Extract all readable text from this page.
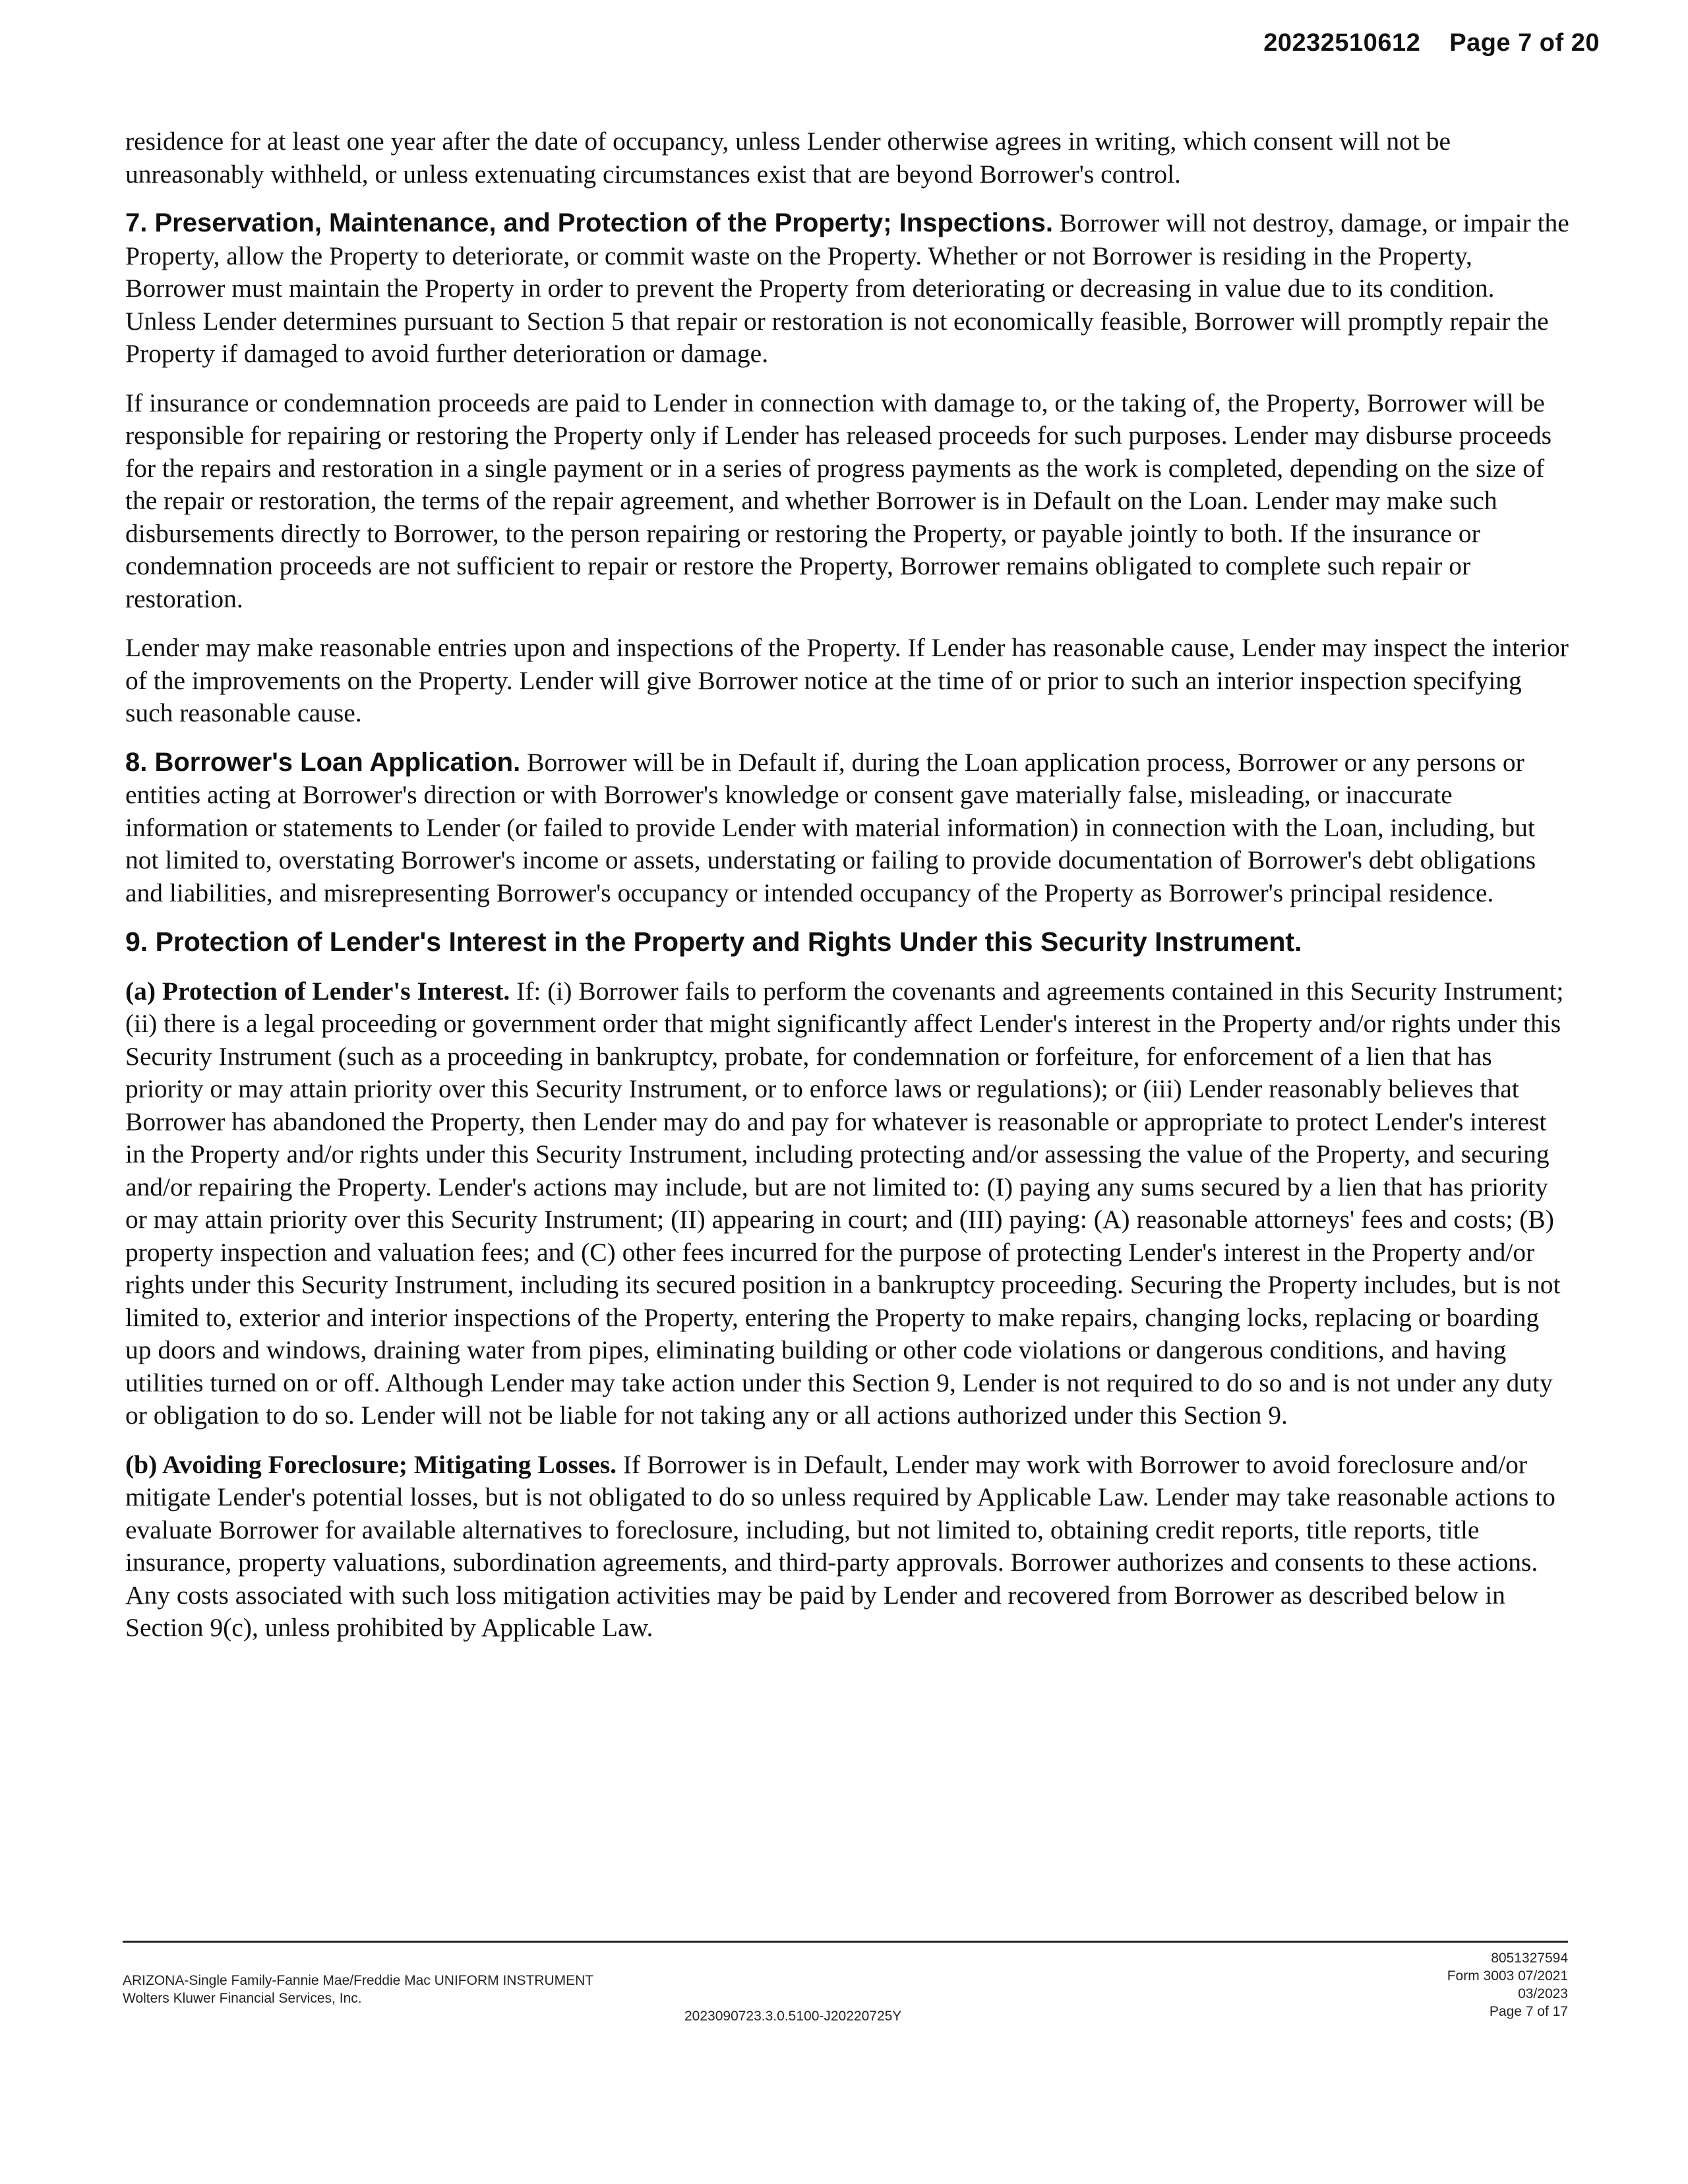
20232510612 Page 7 of 20

residence for at least one year after the date of occupancy, unless Lender otherwise agrees in writing, which consent will not be unreasonably withheld, or unless extenuating circumstances exist that are beyond Borrower's control.

7. Preservation, Maintenance, and Protection of the Property; Inspections. Borrower will not destroy, damage, or impair the Property, allow the Property to deteriorate, or commit waste on the Property. Whether or not Borrower is residing in the Property, Borrower must maintain the Property in order to prevent the Property from deteriorating or decreasing in value due to its condition. Unless Lender determines pursuant to Section 5 that repair or restoration is not economically feasible, Borrower will promptly repair the Property if damaged to avoid further deterioration or damage.

If insurance or condemnation proceeds are paid to Lender in connection with damage to, or the taking of, the Property, Borrower will be responsible for repairing or restoring the Property only if Lender has released proceeds for such purposes. Lender may disburse proceeds for the repairs and restoration in a single payment or in a series of progress payments as the work is completed, depending on the size of the repair or restoration, the terms of the repair agreement, and whether Borrower is in Default on the Loan. Lender may make such disbursements directly to Borrower, to the person repairing or restoring the Property, or payable jointly to both. If the insurance or condemnation proceeds are not sufficient to repair or restore the Property, Borrower remains obligated to complete such repair or restoration.

Lender may make reasonable entries upon and inspections of the Property. If Lender has reasonable cause, Lender may inspect the interior of the improvements on the Property. Lender will give Borrower notice at the time of or prior to such an interior inspection specifying such reasonable cause.

8. Borrower's Loan Application. Borrower will be in Default if, during the Loan application process, Borrower or any persons or entities acting at Borrower's direction or with Borrower's knowledge or consent gave materially false, misleading, or inaccurate information or statements to Lender (or failed to provide Lender with material information) in connection with the Loan, including, but not limited to, overstating Borrower's income or assets, understating or failing to provide documentation of Borrower's debt obligations and liabilities, and misrepresenting Borrower's occupancy or intended occupancy of the Property as Borrower's principal residence.

9. Protection of Lender's Interest in the Property and Rights Under this Security Instrument.

(a) Protection of Lender's Interest. If: (i) Borrower fails to perform the covenants and agreements contained in this Security Instrument; (ii) there is a legal proceeding or government order that might significantly affect Lender's interest in the Property and/or rights under this Security Instrument (such as a proceeding in bankruptcy, probate, for condemnation or forfeiture, for enforcement of a lien that has priority or may attain priority over this Security Instrument, or to enforce laws or regulations); or (iii) Lender reasonably believes that Borrower has abandoned the Property, then Lender may do and pay for whatever is reasonable or appropriate to protect Lender's interest in the Property and/or rights under this Security Instrument, including protecting and/or assessing the value of the Property, and securing and/or repairing the Property. Lender's actions may include, but are not limited to: (I) paying any sums secured by a lien that has priority or may attain priority over this Security Instrument; (II) appearing in court; and (III) paying: (A) reasonable attorneys' fees and costs; (B) property inspection and valuation fees; and (C) other fees incurred for the purpose of protecting Lender's interest in the Property and/or rights under this Security Instrument, including its secured position in a bankruptcy proceeding. Securing the Property includes, but is not limited to, exterior and interior inspections of the Property, entering the Property to make repairs, changing locks, replacing or boarding up doors and windows, draining water from pipes, eliminating building or other code violations or dangerous conditions, and having utilities turned on or off. Although Lender may take action under this Section 9, Lender is not required to do so and is not under any duty or obligation to do so. Lender will not be liable for not taking any or all actions authorized under this Section 9.

(b) Avoiding Foreclosure; Mitigating Losses. If Borrower is in Default, Lender may work with Borrower to avoid foreclosure and/or mitigate Lender's potential losses, but is not obligated to do so unless required by Applicable Law. Lender may take reasonable actions to evaluate Borrower for available alternatives to foreclosure, including, but not limited to, obtaining credit reports, title reports, title insurance, property valuations, subordination agreements, and third-party approvals. Borrower authorizes and consents to these actions. Any costs associated with such loss mitigation activities may be paid by Lender and recovered from Borrower as described below in Section 9(c), unless prohibited by Applicable Law.

ARIZONA-Single Family-Fannie Mae/Freddie Mac UNIFORM INSTRUMENT
Wolters Kluwer Financial Services, Inc.
2023090723.3.0.5100-J20220725Y
8051327594
Form 3003 07/2021
03/2023
Page 7 of 17
